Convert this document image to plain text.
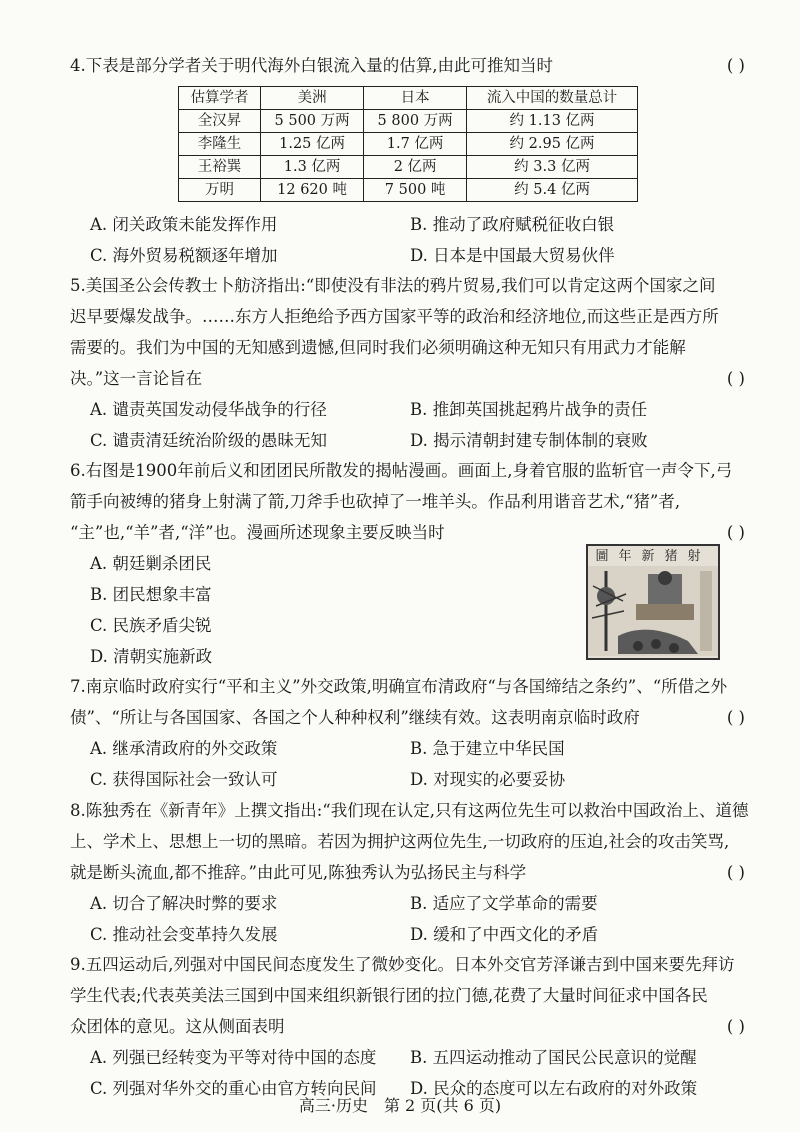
4.下表是部分学者关于明代海外白银流入量的估算,由此可推知当时	( )
估算学者	美洲	日本	流入中国的数量总计
全汉昇	5 500 万两	5 800 万两	约 1.13 亿两
李隆生	1.25 亿两	1.7 亿两	约 2.95 亿两
王裕巽	1.3 亿两	2 亿两	约 3.3 亿两
万明	12 620 吨	7 500 吨	约 5.4 亿两
A. 闭关政策未能发挥作用	B. 推动了政府赋税征收白银
C. 海外贸易税额逐年增加	D. 日本是中国最大贸易伙伴
5.美国圣公会传教士卜舫济指出:“即使没有非法的鸦片贸易,我们可以肯定这两个国家之间
迟早要爆发战争。……东方人拒绝给予西方国家平等的政治和经济地位,而这些正是西方所
需要的。我们为中国的无知感到遗憾,但同时我们必须明确这种无知只有用武力才能解
决。”这一言论旨在	( )
A. 谴责英国发动侵华战争的行径	B. 推卸英国挑起鸦片战争的责任
C. 谴责清廷统治阶级的愚昧无知	D. 揭示清朝封建专制体制的衰败
6.右图是1900年前后义和团团民所散发的揭帖漫画。画面上,身着官服的监斩官一声令下,弓
箭手向被缚的猪身上射满了箭,刀斧手也砍掉了一堆羊头。作品利用谐音艺术,“猪”者,
“主”也,“羊”者,“洋”也。漫画所述现象主要反映当时	( )
A. 朝廷剿杀团民
B. 团民想象丰富
C. 民族矛盾尖锐
D. 清朝实施新政
圖年新猪射
7.南京临时政府实行“平和主义”外交政策,明确宣布清政府“与各国缔结之条约”、“所借之外
债”、“所让与各国国家、各国之个人种种权利”继续有效。这表明南京临时政府	( )
A. 继承清政府的外交政策	B. 急于建立中华民国
C. 获得国际社会一致认可	D. 对现实的必要妥协
8.陈独秀在《新青年》上撰文指出:“我们现在认定,只有这两位先生可以救治中国政治上、道德
上、学术上、思想上一切的黑暗。若因为拥护这两位先生,一切政府的压迫,社会的攻击笑骂,
就是断头流血,都不推辞。”由此可见,陈独秀认为弘扬民主与科学	( )
A. 切合了解决时弊的要求	B. 适应了文学革命的需要
C. 推动社会变革持久发展	D. 缓和了中西文化的矛盾
9.五四运动后,列强对中国民间态度发生了微妙变化。日本外交官芳泽谦吉到中国来要先拜访
学生代表;代表英美法三国到中国来组织新银行团的拉门德,花费了大量时间征求中国各民
众团体的意见。这从侧面表明	( )
A. 列强已经转变为平等对待中国的态度 B. 五四运动推动了国民公民意识的觉醒
C. 列强对华外交的重心由官方转向民间 D. 民众的态度可以左右政府的对外政策
高三·历史　第 2 页(共 6 页)
